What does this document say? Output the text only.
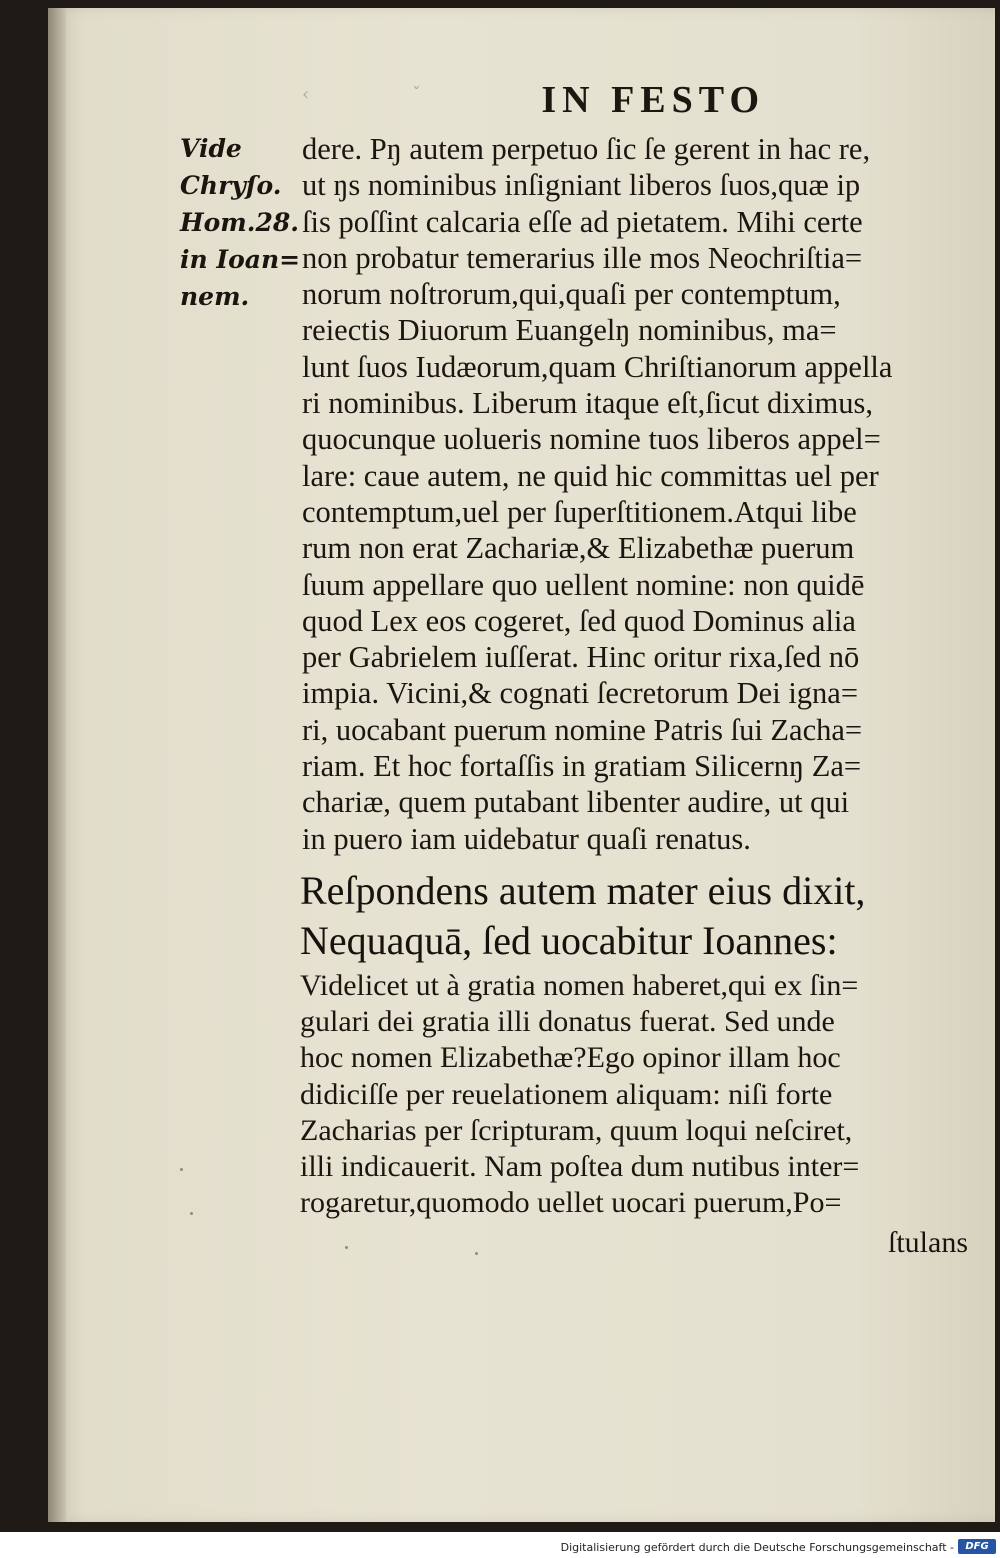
‹	ˇ	IN FESTO
Vide
Chryſo.
Hom.28.
in Ioan=
nem.
dere. Pŋ autem perpetuo ſic ſe gerent in hac re,
ut ŋs nominibus inſigniant liberos ſuos,quæ ip
ſis poſſint calcaria eſſe ad pietatem. Mihi certe
non probatur temerarius ille mos Neochriſtia=
norum noſtrorum,qui,quaſi per contemptum,
reiectis Diuorum Euangelŋ nominibus, ma=
lunt ſuos Iudæorum,quam Chriſtianorum appella
ri nominibus. Liberum itaque eſt,ſicut diximus,
quocunque uolueris nomine tuos liberos appel=
lare: caue autem, ne quid hic committas uel per
contemptum,uel per ſuperſtitionem.Atqui libe
rum non erat Zachariæ,& Elizabethæ puerum
ſuum appellare quo uellent nomine: non quidē
quod Lex eos cogeret, ſed quod Dominus alia
per Gabrielem iuſſerat. Hinc oritur rixa,ſed nō
impia. Vicini,& cognati ſecretorum Dei igna=
ri, uocabant puerum nomine Patris ſui Zacha=
riam. Et hoc fortaſſis in gratiam Silicernŋ Za=
chariæ, quem putabant libenter audire, ut qui
in puero iam uidebatur quaſi renatus.
Reſpondens autem mater eius dixit,
Nequaquā, ſed uocabitur Ioannes:
Videlicet ut à gratia nomen haberet,qui ex ſin=
gulari dei gratia illi donatus fuerat. Sed unde
hoc nomen Elizabethæ?Ego opinor illam hoc
didiciſſe per reuelationem aliquam: niſi forte
Zacharias per ſcripturam, quum loqui neſciret,
illi indicauerit. Nam poſtea dum nutibus inter=
rogaretur,quomodo uellet uocari puerum,Po=

ſtulans

Digitalisierung gefördert durch die Deutsche Forschungsgemeinschaft -	DFG
